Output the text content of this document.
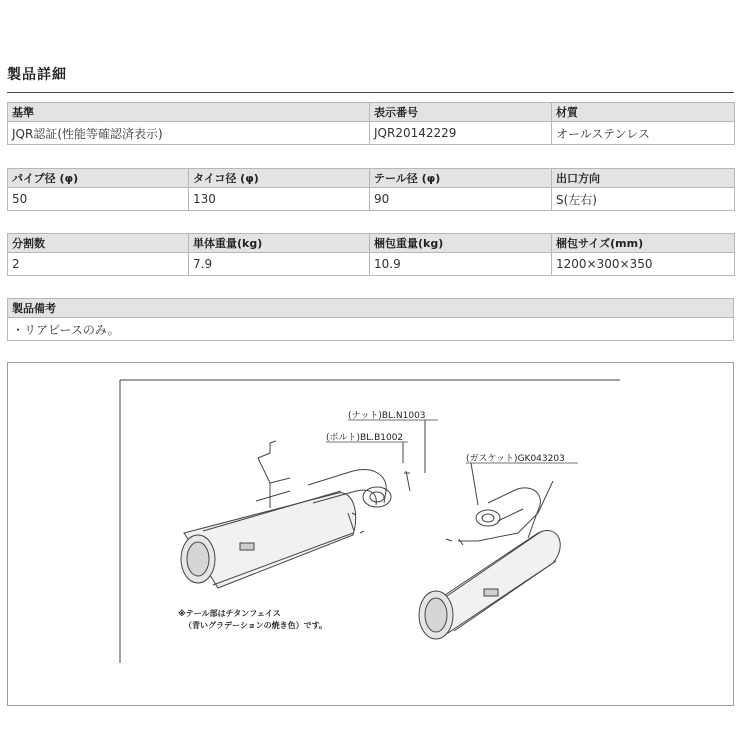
製品詳細
基準	表示番号	材質
JQR認証(性能等確認済表示)	JQR20142229	オールステンレス
パイプ径 (φ)	タイコ径 (φ)	テール径 (φ)	出口方向
50	130	90	S(左右)
分割数	単体重量(kg)	梱包重量(kg)	梱包サイズ(mm)
2	7.9	10.9	1200×300×350
製品備考
・リアピースのみ。
(ナット)BL.N1003
(ボルト)BL.B1002
(ガスケット)GK043203
※テール部はチタンフェイス
（青いグラデーションの焼き色）です。
